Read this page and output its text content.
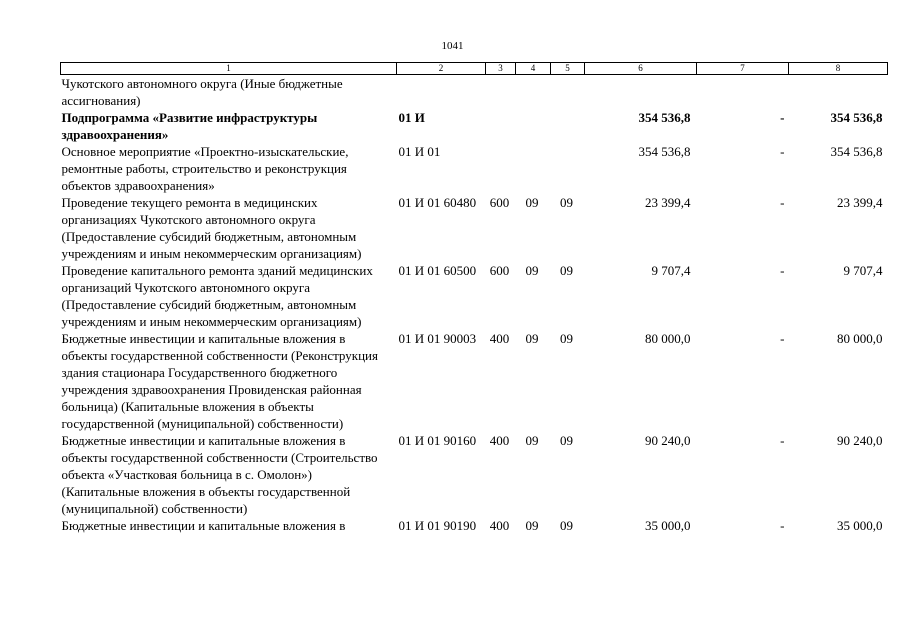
1041
1	2	3	4	5	6	7	8
Чукотского автономного округа (Иные бюджетные ассигнования)							
Подпрограмма «Развитие инфраструктуры здравоохранения»	01 И				354 536,8	-	354 536,8
Основное мероприятие «Проектно-изыскательские, ремонтные работы, строительство и реконструкция объектов здравоохранения»	01 И 01				354 536,8	-	354 536,8
Проведение текущего ремонта в медицинских организациях Чукотского автономного округа (Предоставление субсидий бюджетным, автономным учреждениям и иным некоммерческим организациям)	01 И 01 60480	600	09	09	23 399,4	-	23 399,4
Проведение капитального ремонта зданий медицинских организаций Чукотского автономного округа (Предоставление субсидий бюджетным, автономным учреждениям и иным некоммерческим организациям)	01 И 01 60500	600	09	09	9 707,4	-	9 707,4
Бюджетные инвестиции и капитальные вложения в объекты государственной собственности (Реконструкция здания стационара Государственного бюджетного учреждения здравоохранения Провиденская районная больница) (Капитальные вложения в объекты государственной (муниципальной) собственности)	01 И 01 90003	400	09	09	80 000,0	-	80 000,0
Бюджетные инвестиции и капитальные вложения в объекты государственной собственности (Строительство объекта «Участковая больница в с. Омолон») (Капитальные вложения в объекты государственной (муниципальной) собственности)	01 И 01 90160	400	09	09	90 240,0	-	90 240,0
Бюджетные инвестиции и капитальные вложения в	01 И 01 90190	400	09	09	35 000,0	-	35 000,0
